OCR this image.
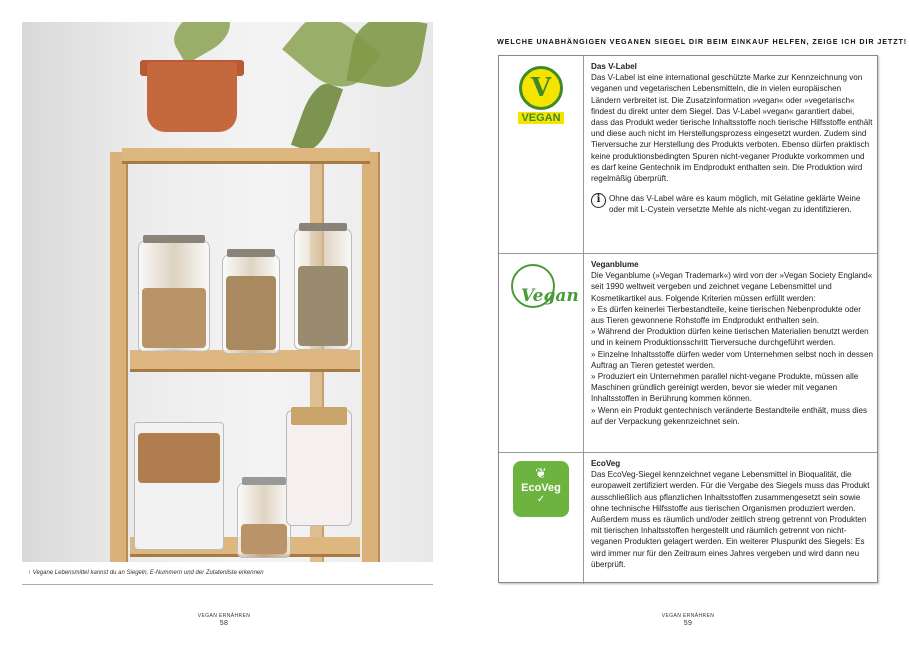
↑ Vegane Lebensmittel kannst du an Siegeln, E-Nummern und der Zutatenliste erkennen
VEGAN ERNÄHREN
58
WELCHE UNABHÄNGIGEN VEGANEN SIEGEL DIR BEIM EINKAUF HELFEN, ZEIGE ICH DIR JETZT!
V
VEGAN
Das V-Label
Das V-Label ist eine international geschützte Marke zur Kennzeichnung von veganen und vegetarischen Lebensmitteln, die in vielen europäischen Ländern verbreitet ist. Die Zusatzinformation »vegan« oder »vegetarisch« findest du direkt unter dem Siegel. Das V-Label »vegan« garantiert dabei, dass das Produkt weder tierische Inhaltsstoffe noch tierische Hilfsstoffe enthält und diese auch nicht im Herstellungsprozess eingesetzt wurden. Zudem sind Tierversuche zur Herstellung des Produkts verboten. Ebenso dürfen praktisch keine produktionsbedingten Spuren nicht-veganer Produkte vorkommen und es darf keine Gentechnik im Endprodukt enthalten sein. Die Produktion wird regelmäßig überprüft.
i	Ohne das V-Label wäre es kaum möglich, mit Gelatine geklärte Weine oder mit L-Cystein versetzte Mehle als nicht-vegan zu identifizieren.
Vegan
Veganblume
Die Veganblume (»Vegan Trademark«) wird von der »Vegan Society England« seit 1990 weltweit vergeben und zeichnet vegane Lebensmittel und Kosmetikartikel aus. Folgende Kriterien müssen erfüllt werden:
» Es dürfen keinerlei Tierbestandteile, keine tierischen Nebenprodukte oder aus Tieren gewonnene Rohstoffe im Endprodukt enthalten sein.
» Während der Produktion dürfen keine tierischen Materialien benutzt werden und in keinem Produktionsschritt Tierversuche durchgeführt werden.
» Einzelne Inhaltsstoffe dürfen weder vom Unternehmen selbst noch in dessen Auftrag an Tieren getestet werden.
» Produziert ein Unternehmen parallel nicht-vegane Produkte, müssen alle Maschinen gründlich gereinigt werden, bevor sie wieder mit veganen Inhaltsstoffen in Berührung kommen können.
» Wenn ein Produkt gentechnisch veränderte Bestandteile enthält, muss dies auf der Verpackung gekennzeichnet sein.
❦
EcoVeg
✓
EcoVeg
Das EcoVeg-Siegel kennzeichnet vegane Lebensmittel in Bioqualität, die europaweit zertifiziert werden. Für die Vergabe des Siegels muss das Produkt ausschließlich aus pflanzlichen Inhaltsstoffen zusammengesetzt sein sowie ohne technische Hilfsstoffe aus tierischen Organismen produziert werden. Außerdem muss es räumlich und/oder zeitlich streng getrennt von Produkten mit tierischen Inhaltsstoffen hergestellt und räumlich getrennt von nicht-veganen Produkten gelagert werden. Ein weiterer Pluspunkt des Siegels: Es wird immer nur für den Zeitraum eines Jahres vergeben und wird dann neu überprüft.
VEGAN ERNÄHREN
59
